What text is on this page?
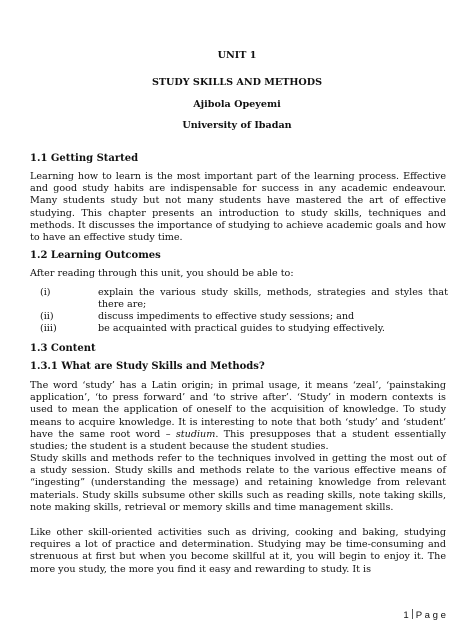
UNIT 1
STUDY SKILLS AND METHODS
Ajibola Opeyemi
University of Ibadan
1.1 Getting Started
Learning how to learn is the most important part of the learning process. Effective and good study habits are indispensable for success in any academic endeavour. Many students study but not many students have mastered the art of effective studying. This chapter presents an introduction to study skills, techniques and methods. It discusses the importance of studying to achieve academic goals and how to have an effective study time.
1.2 Learning Outcomes
After reading through this unit, you should be able to:
(i)	explain the various study skills, methods, strategies and styles that there are;
(ii)	discuss impediments to effective study sessions; and
(iii)	be acquainted with practical guides to studying effectively.
1.3 Content
1.3.1 What are Study Skills and Methods?
The word ‘study’ has a Latin origin; in primal usage, it means ‘zeal’, ‘painstaking application’, ‘to press forward’ and ‘to strive after’. ‘Study’ in modern contexts is used to mean the application of oneself to the acquisition of knowledge. To study means to acquire knowledge. It is interesting to note that both ‘study’ and ‘student’ have the same root word – studium. This presupposes that a student essentially studies; the student is a student because the student studies.
Study skills and methods refer to the techniques involved in getting the most out of a study session. Study skills and methods relate to the various effective means of “ingesting” (understanding the message) and retaining knowledge from relevant materials. Study skills subsume other skills such as reading skills, note taking skills, note making skills, retrieval or memory skills and time management skills.
Like other skill-oriented activities such as driving, cooking and baking, studying requires a lot of practice and determination. Studying may be time-consuming and strenuous at first but when you become skillful at it, you will begin to enjoy it. The more you study, the more you find it easy and rewarding to study. It is
1 P a g e
